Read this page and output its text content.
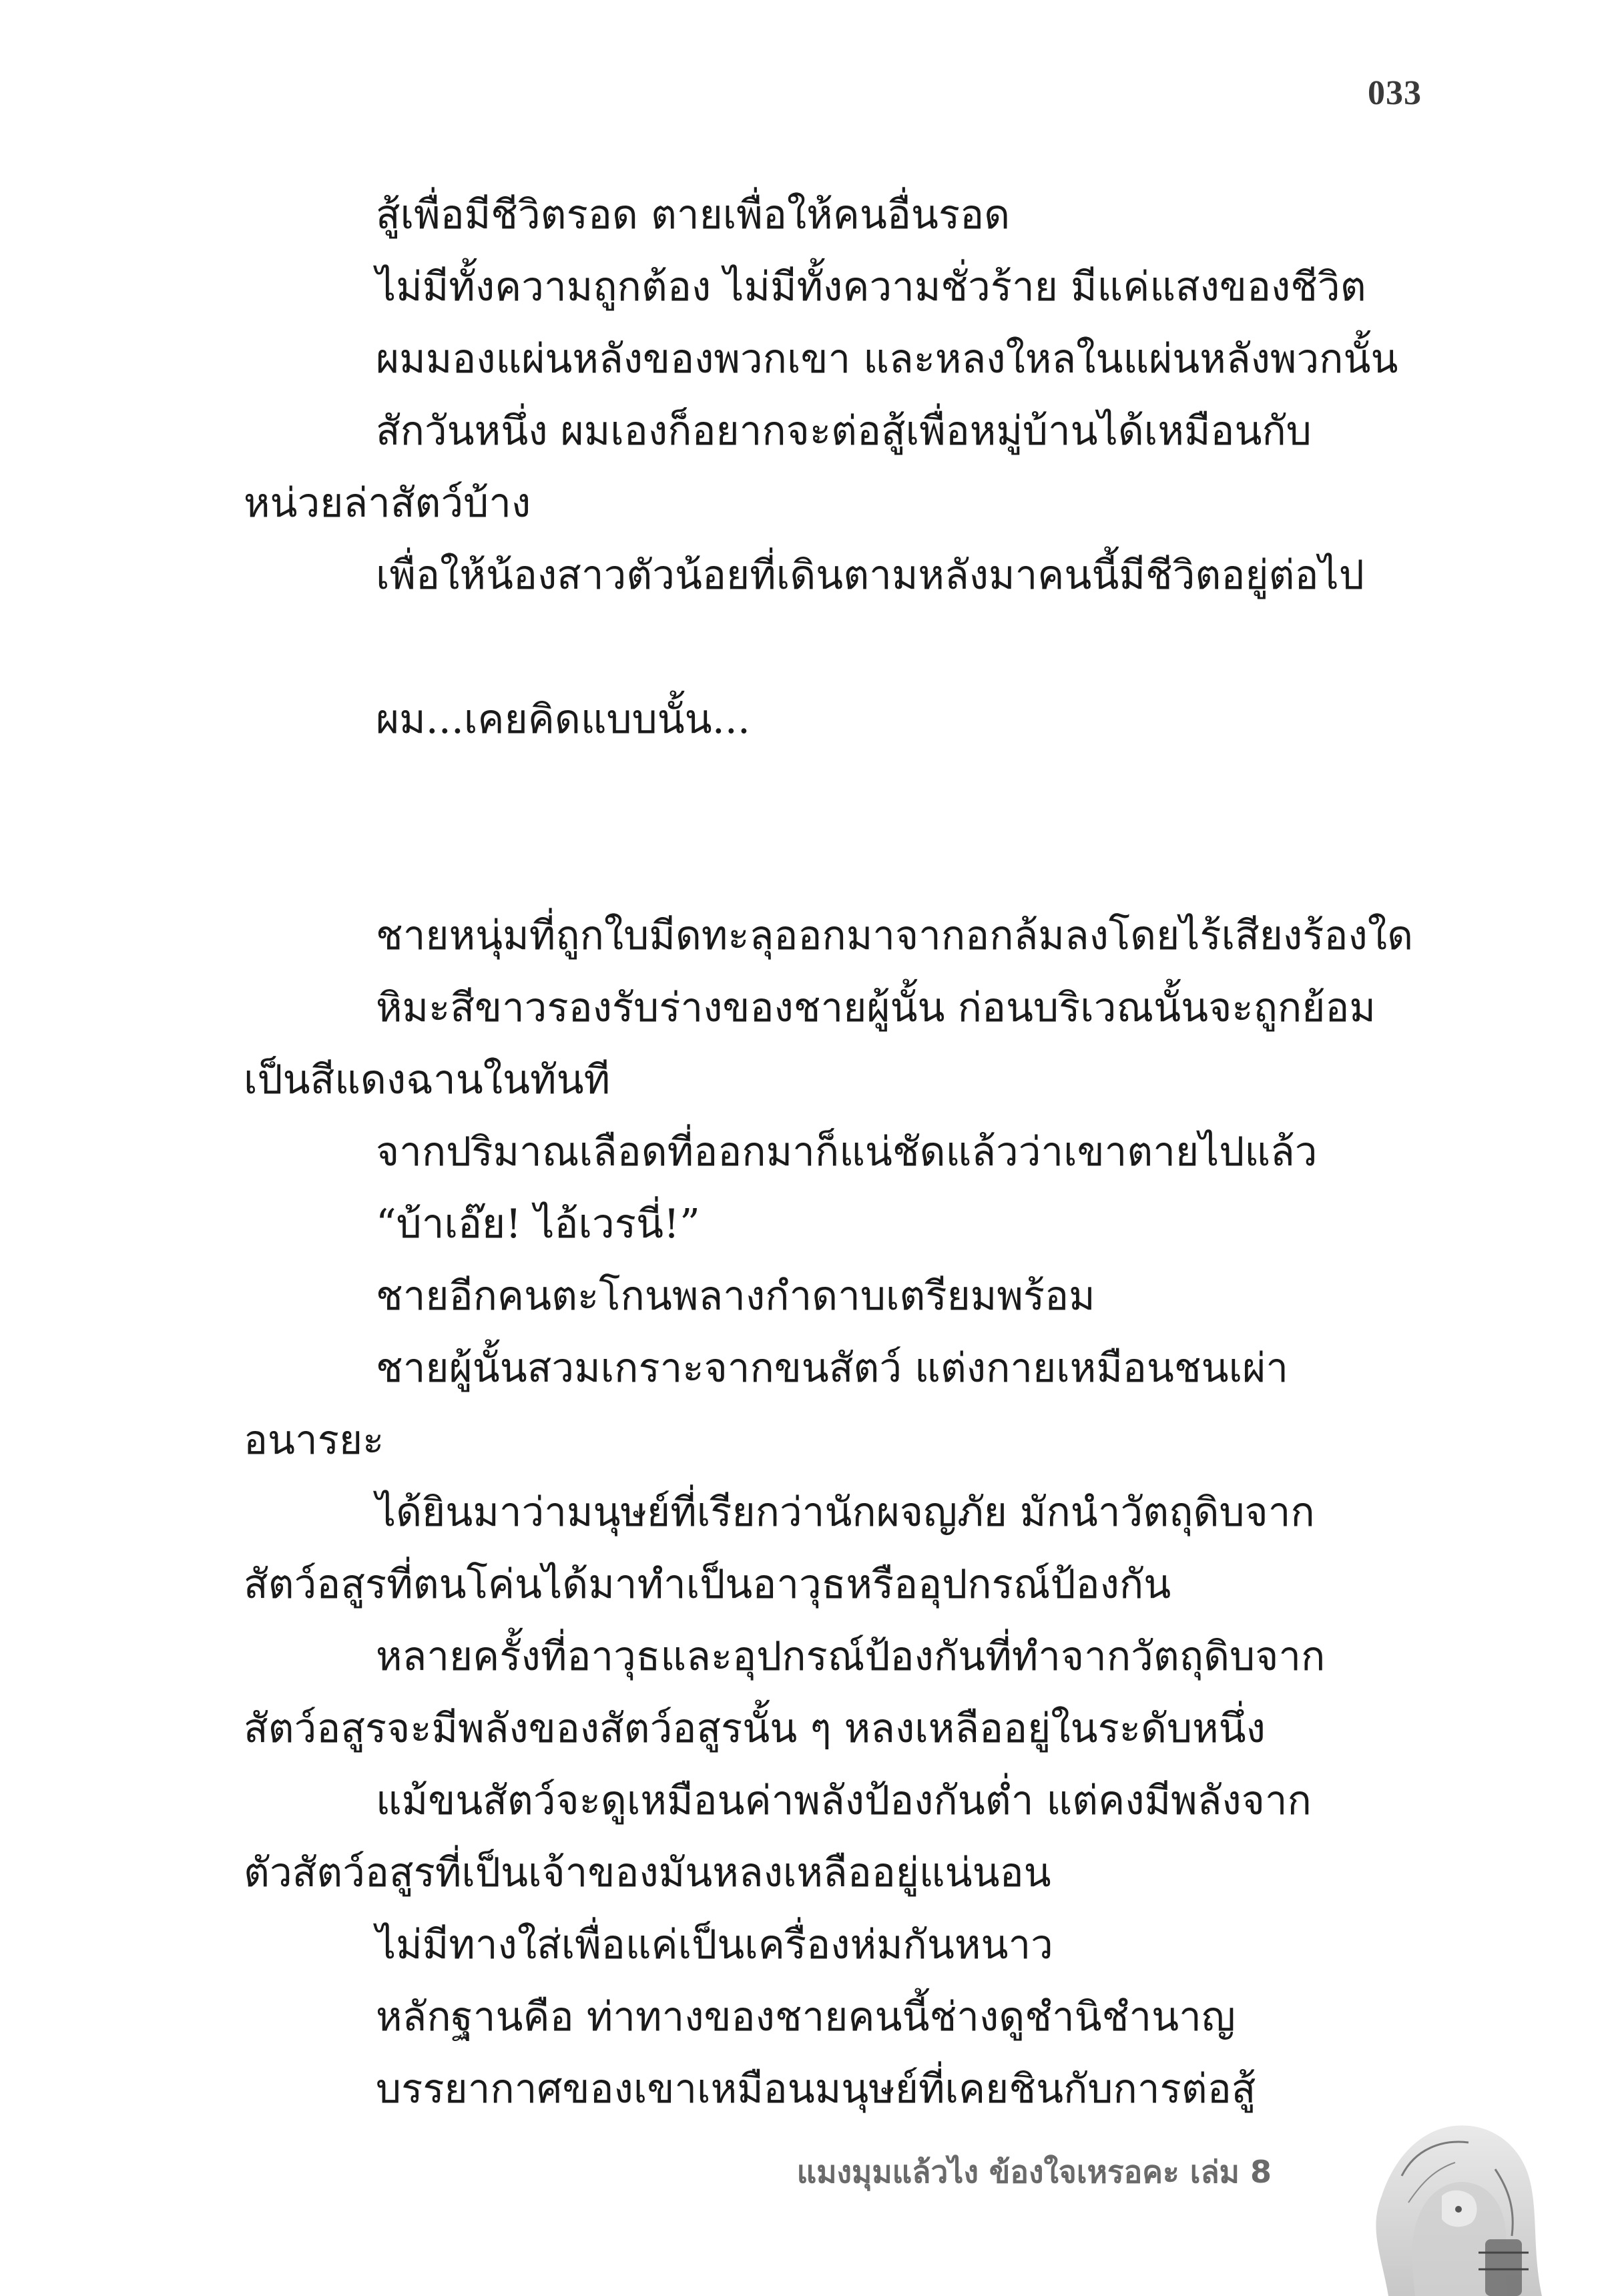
033
สู้เพื่อมีชีวิตรอด ตายเพื่อให้คนอื่นรอด
ไม่มีทั้งความถูกต้อง ไม่มีทั้งความชั่วร้าย มีแค่แสงของชีวิต
ผมมองแผ่นหลังของพวกเขา และหลงใหลในแผ่นหลังพวกนั้น
สักวันหนึ่ง ผมเองก็อยากจะต่อสู้เพื่อหมู่บ้านได้เหมือนกับ
หน่วยล่าสัตว์บ้าง
เพื่อให้น้องสาวตัวน้อยที่เดินตามหลังมาคนนี้มีชีวิตอยู่ต่อไป
ผม...เคยคิดแบบนั้น...
ชายหนุ่มที่ถูกใบมีดทะลุออกมาจากอกล้มลงโดยไร้เสียงร้องใด
หิมะสีขาวรองรับร่างของชายผู้นั้น ก่อนบริเวณนั้นจะถูกย้อม
เป็นสีแดงฉานในทันที
จากปริมาณเลือดที่ออกมาก็แน่ชัดแล้วว่าเขาตายไปแล้ว
“บ้าเอ๊ย! ไอ้เวรนี่!”
ชายอีกคนตะโกนพลางกำดาบเตรียมพร้อม
ชายผู้นั้นสวมเกราะจากขนสัตว์ แต่งกายเหมือนชนเผ่า
อนารยะ
ได้ยินมาว่ามนุษย์ที่เรียกว่านักผจญภัย มักนำวัตถุดิบจาก
สัตว์อสูรที่ตนโค่นได้มาทำเป็นอาวุธหรืออุปกรณ์ป้องกัน
หลายครั้งที่อาวุธและอุปกรณ์ป้องกันที่ทำจากวัตถุดิบจาก
สัตว์อสูรจะมีพลังของสัตว์อสูรนั้น ๆ หลงเหลืออยู่ในระดับหนึ่ง
แม้ขนสัตว์จะดูเหมือนค่าพลังป้องกันต่ำ แต่คงมีพลังจาก
ตัวสัตว์อสูรที่เป็นเจ้าของมันหลงเหลืออยู่แน่นอน
ไม่มีทางใส่เพื่อแค่เป็นเครื่องห่มกันหนาว
หลักฐานคือ ท่าทางของชายคนนี้ช่างดูชำนิชำนาญ
บรรยากาศของเขาเหมือนมนุษย์ที่เคยชินกับการต่อสู้
แมงมุมแล้วไง ข้องใจเหรอคะ เล่ม 8
